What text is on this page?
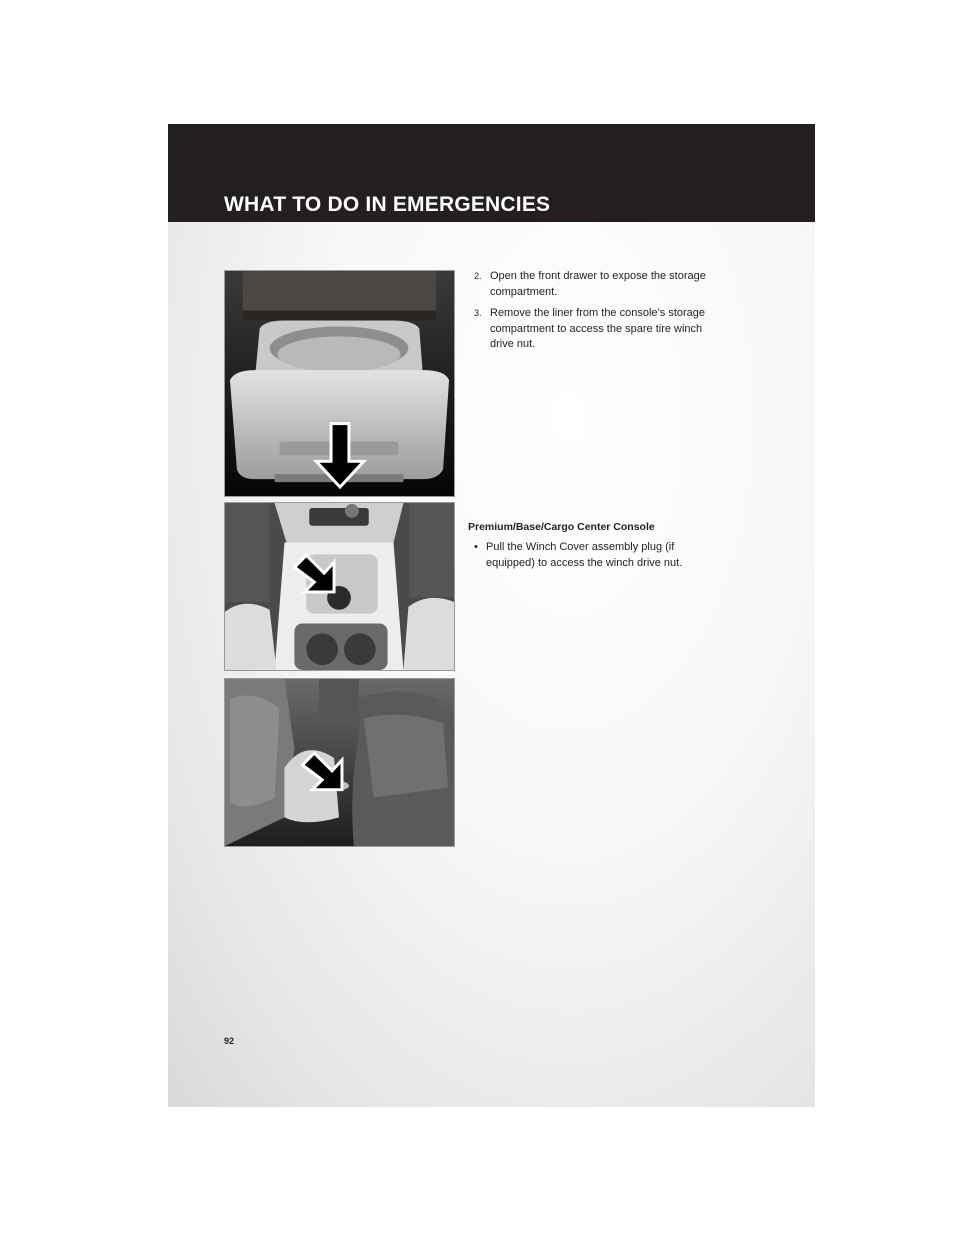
WHAT TO DO IN EMERGENCIES
2. Open the front drawer to expose the storage compartment.
3. Remove the liner from the console’s storage compartment to access the spare tire winch drive nut.
Premium/Base/Cargo Center Console
• Pull the Winch Cover assembly plug (if equipped) to access the winch drive nut.
92
